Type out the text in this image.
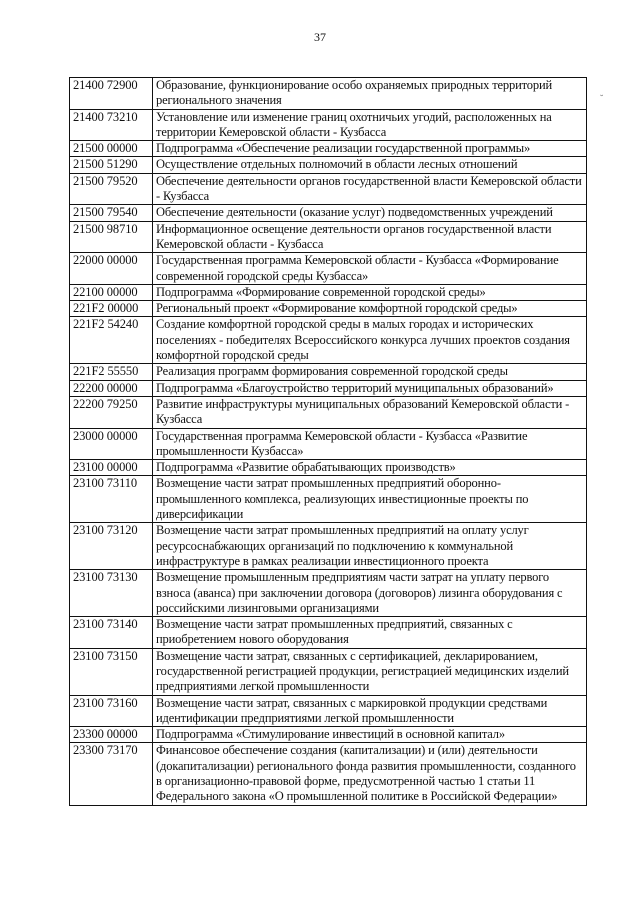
37
˘
21400 72900	Образование, функционирование особо охраняемых природных территорий регионального значения
21400 73210	Установление или изменение границ охотничьих угодий, расположенных на территории Кемеровской области - Кузбасса
21500 00000	Подпрограмма «Обеспечение реализации государственной программы»
21500 51290	Осуществление отдельных полномочий в области лесных отношений
21500 79520	Обеспечение деятельности органов государственной власти Кемеровской области - Кузбасса
21500 79540	Обеспечение деятельности (оказание услуг) подведомственных учреждений
21500 98710	Информационное освещение деятельности органов государственной власти Кемеровской области - Кузбасса
22000 00000	Государственная программа Кемеровской области - Кузбасса «Формирование современной городской среды Кузбасса»
22100 00000	Подпрограмма «Формирование современной городской среды»
221F2 00000	Региональный проект «Формирование комфортной городской среды»
221F2 54240	Создание комфортной городской среды в малых городах и исторических поселениях - победителях Всероссийского конкурса лучших проектов создания комфортной городской среды
221F2 55550	Реализация программ формирования современной городской среды
22200 00000	Подпрограмма «Благоустройство территорий муниципальных образований»
22200 79250	Развитие инфраструктуры муниципальных образований Кемеровской области - Кузбасса
23000 00000	Государственная программа Кемеровской области - Кузбасса «Развитие промышленности Кузбасса»
23100 00000	Подпрограмма «Развитие обрабатывающих производств»
23100 73110	Возмещение части затрат промышленных предприятий оборонно-промышленного комплекса, реализующих инвестиционные проекты по диверсификации
23100 73120	Возмещение части затрат промышленных предприятий на оплату услуг ресурсоснабжающих организаций по подключению к коммунальной инфраструктуре в рамках реализации инвестиционного проекта
23100 73130	Возмещение промышленным предприятиям части затрат на уплату первого взноса (аванса) при заключении договора (договоров) лизинга оборудования с российскими лизинговыми организациями
23100 73140	Возмещение части затрат промышленных предприятий, связанных с приобретением нового оборудования
23100 73150	Возмещение части затрат, связанных с сертификацией, декларированием, государственной регистрацией продукции, регистрацией медицинских изделий предприятиями легкой промышленности
23100 73160	Возмещение части затрат, связанных с маркировкой продукции средствами идентификации предприятиями легкой промышленности
23300 00000	Подпрограмма «Стимулирование инвестиций в основной капитал»
23300 73170	Финансовое обеспечение создания (капитализации) и (или) деятельности (докапитализации) регионального фонда развития промышленности, созданного в организационно-правовой форме, предусмотренной частью 1 статьи 11 Федерального закона «О промышленной политике в Российской Федерации»
